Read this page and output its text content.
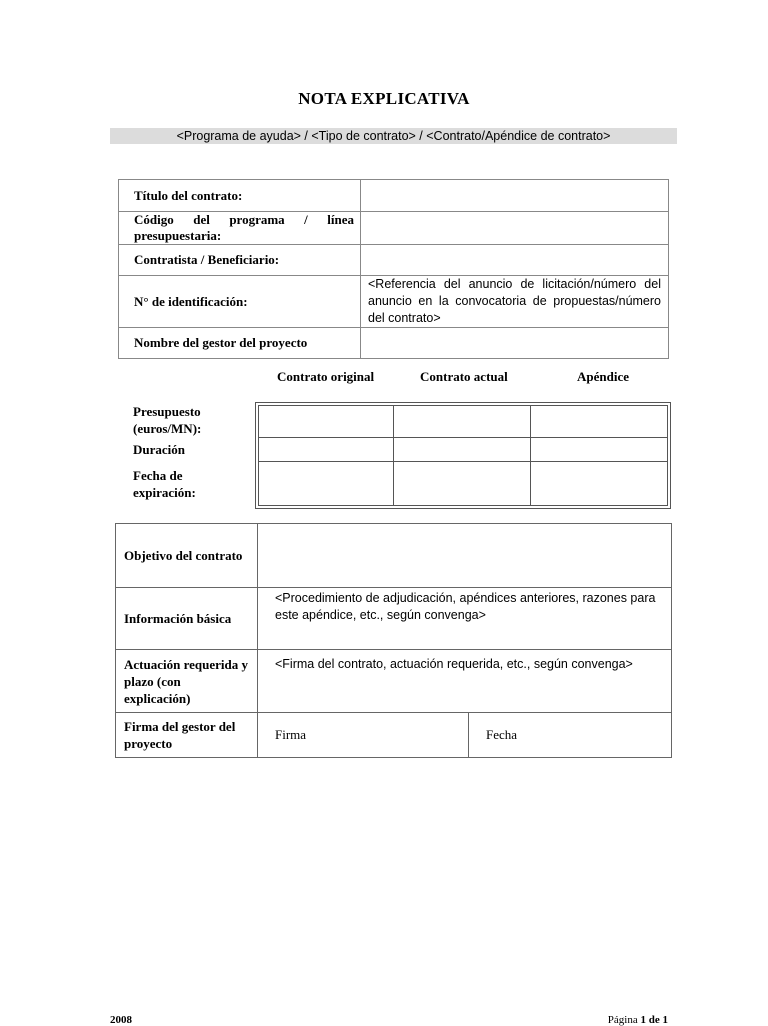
NOTA EXPLICATIVA
<Programa de ayuda> / <Tipo de contrato> / <Contrato/Apéndice de contrato>
Título del contrato:	
Código del programa / línea presupuestaria:	
Contratista / Beneficiario:	
N° de identificación:	<Referencia del anuncio de licitación/número del anuncio en la convocatoria de propuestas/número del contrato>
Nombre del gestor del proyecto	
Contrato original	Contrato actual	Apéndice
Presupuesto (euros/MN):
Duración
Fecha de expiración:

Objetivo del contrato		
Información básica	<Procedimiento de adjudicación, apéndices anteriores, razones para este apéndice, etc., según convenga>	
Actuación requerida y plazo (con explicación)	<Firma del contrato, actuación requerida, etc., según convenga>	
Firma del gestor del proyecto	Firma	Fecha
2008	Página 1 de 1
